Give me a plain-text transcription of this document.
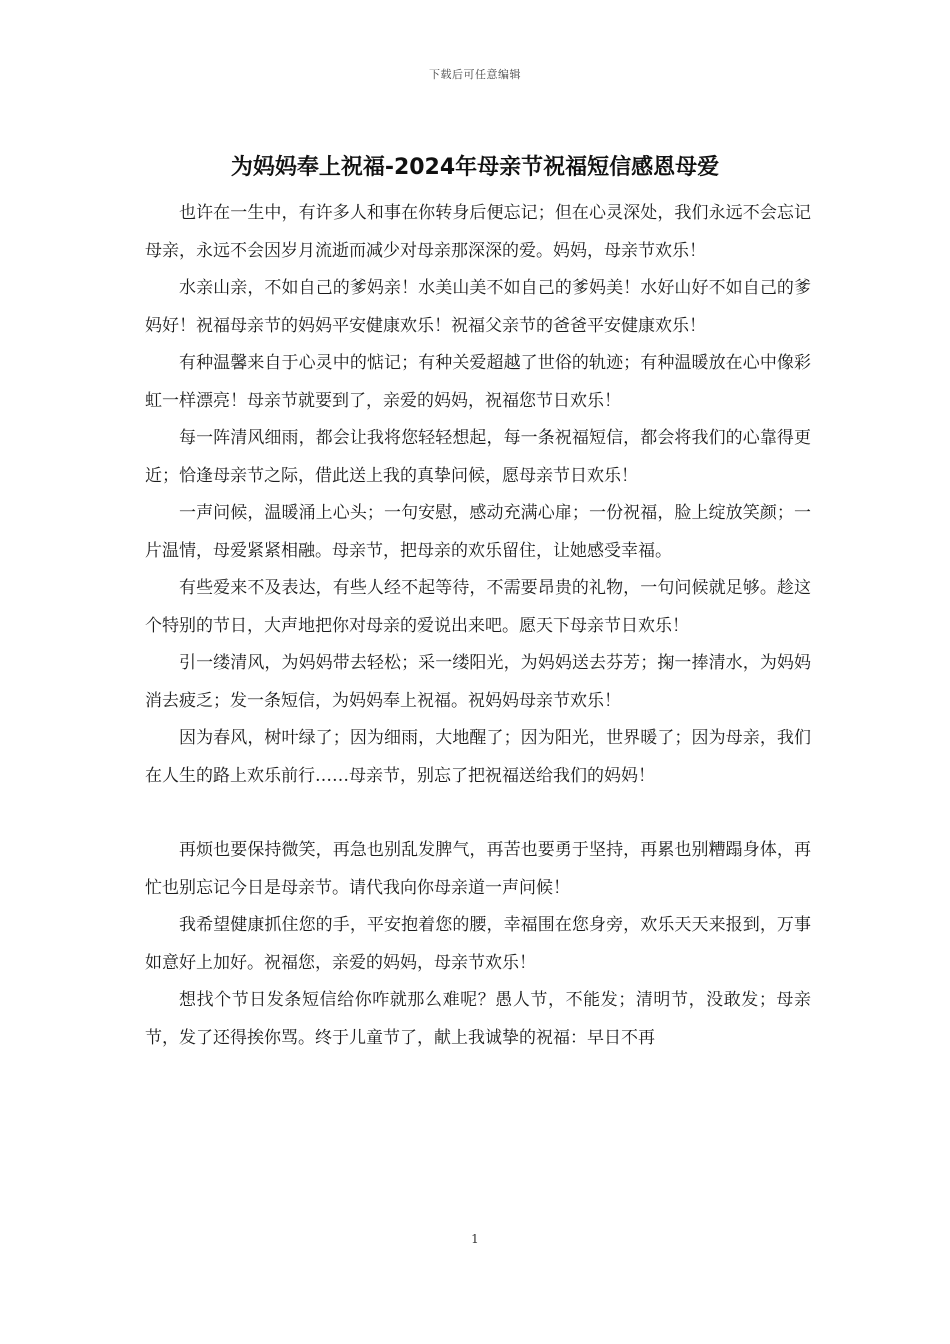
下载后可任意编辑
为妈妈奉上祝福-2024年母亲节祝福短信感恩母爱

也许在一生中，有许多人和事在你转身后便忘记；但在心灵深处，我们永远不会忘记母亲，永远不会因岁月流逝而减少对母亲那深深的爱。妈妈，母亲节欢乐！

水亲山亲，不如自己的爹妈亲！水美山美不如自己的爹妈美！水好山好不如自己的爹妈好！祝福母亲节的妈妈平安健康欢乐！祝福父亲节的爸爸平安健康欢乐！

有种温馨来自于心灵中的惦记；有种关爱超越了世俗的轨迹；有种温暖放在心中像彩虹一样漂亮！母亲节就要到了，亲爱的妈妈，祝福您节日欢乐！

每一阵清风细雨，都会让我将您轻轻想起，每一条祝福短信，都会将我们的心靠得更近；恰逢母亲节之际，借此送上我的真挚问候，愿母亲节日欢乐！

一声问候，温暖涌上心头；一句安慰，感动充满心扉；一份祝福，脸上绽放笑颜；一片温情，母爱紧紧相融。母亲节，把母亲的欢乐留住，让她感受幸福。

有些爱来不及表达，有些人经不起等待，不需要昂贵的礼物，一句问候就足够。趁这个特别的节日，大声地把你对母亲的爱说出来吧。愿天下母亲节日欢乐！

引一缕清风，为妈妈带去轻松；采一缕阳光，为妈妈送去芬芳；掬一捧清水，为妈妈消去疲乏；发一条短信，为妈妈奉上祝福。祝妈妈母亲节欢乐！

因为春风，树叶绿了；因为细雨，大地醒了；因为阳光，世界暖了；因为母亲，我们在人生的路上欢乐前行……母亲节，别忘了把祝福送给我们的妈妈！

再烦也要保持微笑，再急也别乱发脾气，再苦也要勇于坚持，再累也别糟蹋身体，再忙也别忘记今日是母亲节。请代我向你母亲道一声问候！

我希望健康抓住您的手，平安抱着您的腰，幸福围在您身旁，欢乐天天来报到，万事如意好上加好。祝福您，亲爱的妈妈，母亲节欢乐！

想找个节日发条短信给你咋就那么难呢？愚人节，不能发；清明节，没敢发；母亲节，发了还得挨你骂。终于儿童节了，献上我诚挚的祝福：早日不再

1
